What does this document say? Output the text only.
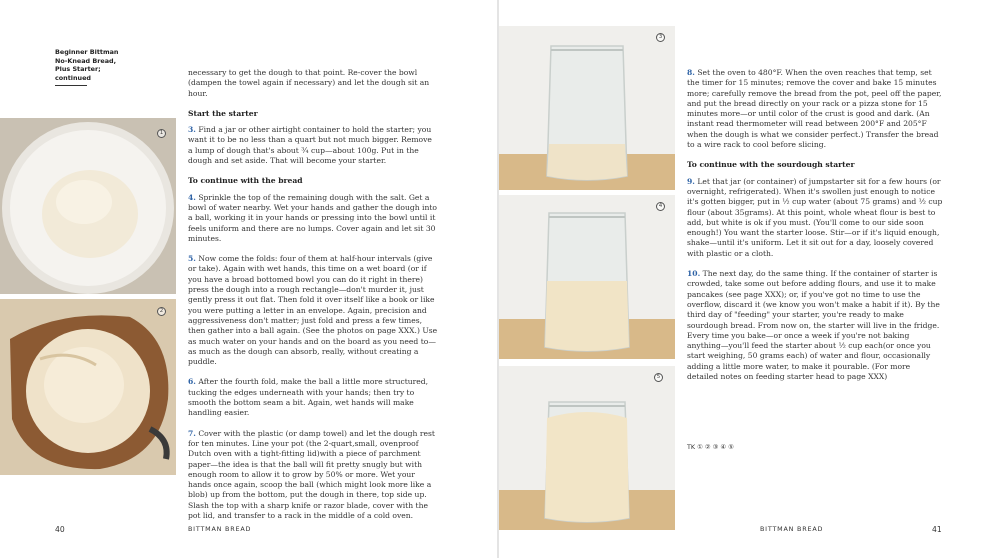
Beginner Bittman
No-Knead Bread,
Plus Starter;
continued
1
2

necessary to get the dough to that point. Re-cover the bowl (dampen the towel again if necessary) and let the dough sit an hour.

Start the starter

3. Find a jar or other airtight container to hold the starter; you want it to be no less than a quart but not much bigger. Remove a lump of dough that's about ¾ cup—about 100g. Put in the dough and set aside. That will become your starter.

To continue with the bread

4. Sprinkle the top of the remaining dough with the salt. Get a bowl of water nearby. Wet your hands and gather the dough into a ball, working it in your hands or pressing into the bowl until it feels uniform and there are no lumps. Cover again and let sit 30 minutes.

5. Now come the folds: four of them at half-hour intervals (give or take). Again with wet hands, this time on a wet board (or if you have a broad bottomed bowl you can do it right in there) press the dough into a rough rectangle—don't murder it, just gently press it out flat. Then fold it over itself like a book or like you were putting a letter in an envelope. Again, precision and aggressiveness don't matter; just fold and press a few times, then gather into a ball again. (See the photos on page XXX.) Use as much water on your hands and on the board as you need to—as much as the dough can absorb, really, without creating a puddle.

6. After the fourth fold, make the ball a little more structured, tucking the edges underneath with your hands; then try to smooth the bottom seam a bit. Again, wet hands will make handling easier.

7. Cover with the plastic (or damp towel) and let the dough rest for ten minutes. Line your pot (the 2-quart,small, ovenproof Dutch oven with a tight-fitting lid)with a piece of parchment paper—the idea is that the ball will fit pretty snugly but with enough room to allow it to grow by 50% or more. Wet your hands once again, scoop the ball (which might look more like a blob) up from the bottom, put the dough in there, top side up. Slash the top with a sharp knife or razor blade, cover with the pot lid, and transfer to a rack in the middle of a cold oven.

40	BITTMAN BREAD
3
4
5

8. Set the oven to 480°F. When the oven reaches that temp, set the timer for 15 minutes; remove the cover and bake 15 minutes more; carefully remove the bread from the pot, peel off the paper, and put the bread directly on your rack or a pizza stone for 15 minutes more—or until color of the crust is good and dark. (An instant read thermometer will read between 200°F and 205°F when the dough is what we consider perfect.) Transfer the bread to a wire rack to cool before slicing.

To continue with the sourdough starter

9. Let that jar (or container) of jumpstarter sit for a few hours (or overnight, refrigerated). When it's swollen just enough to notice it's gotten bigger, put in ½ cup water (about 75 grams) and ½ cup flour (about 35grams). At this point, whole wheat flour is best to add, but white is ok if you must. (You'll come to our side soon enough!) You want the starter loose. Stir—or if it's liquid enough, shake—until it's uniform. Let it sit out for a day, loosely covered with plastic or a cloth.

10. The next day, do the same thing. If the container of starter is crowded, take some out before adding flours, and use it to make pancakes (see page XXX); or, if you've got no time to use the overflow, discard it (we know you won't make a habit if it). By the third day of "feeding" your starter, you're ready to make sourdough bread. From now on, the starter will live in the fridge. Every time you bake—or once a week if you're not baking anything—you'll feed the starter about ½ cup each(or once you start weighing, 50 grams each) of water and flour, occasionally adding a little more water, to make it pourable. (For more detailed notes on feeding starter head to page XXX)

TK ① ② ③ ④ ⑤
BITTMAN BREAD	41
